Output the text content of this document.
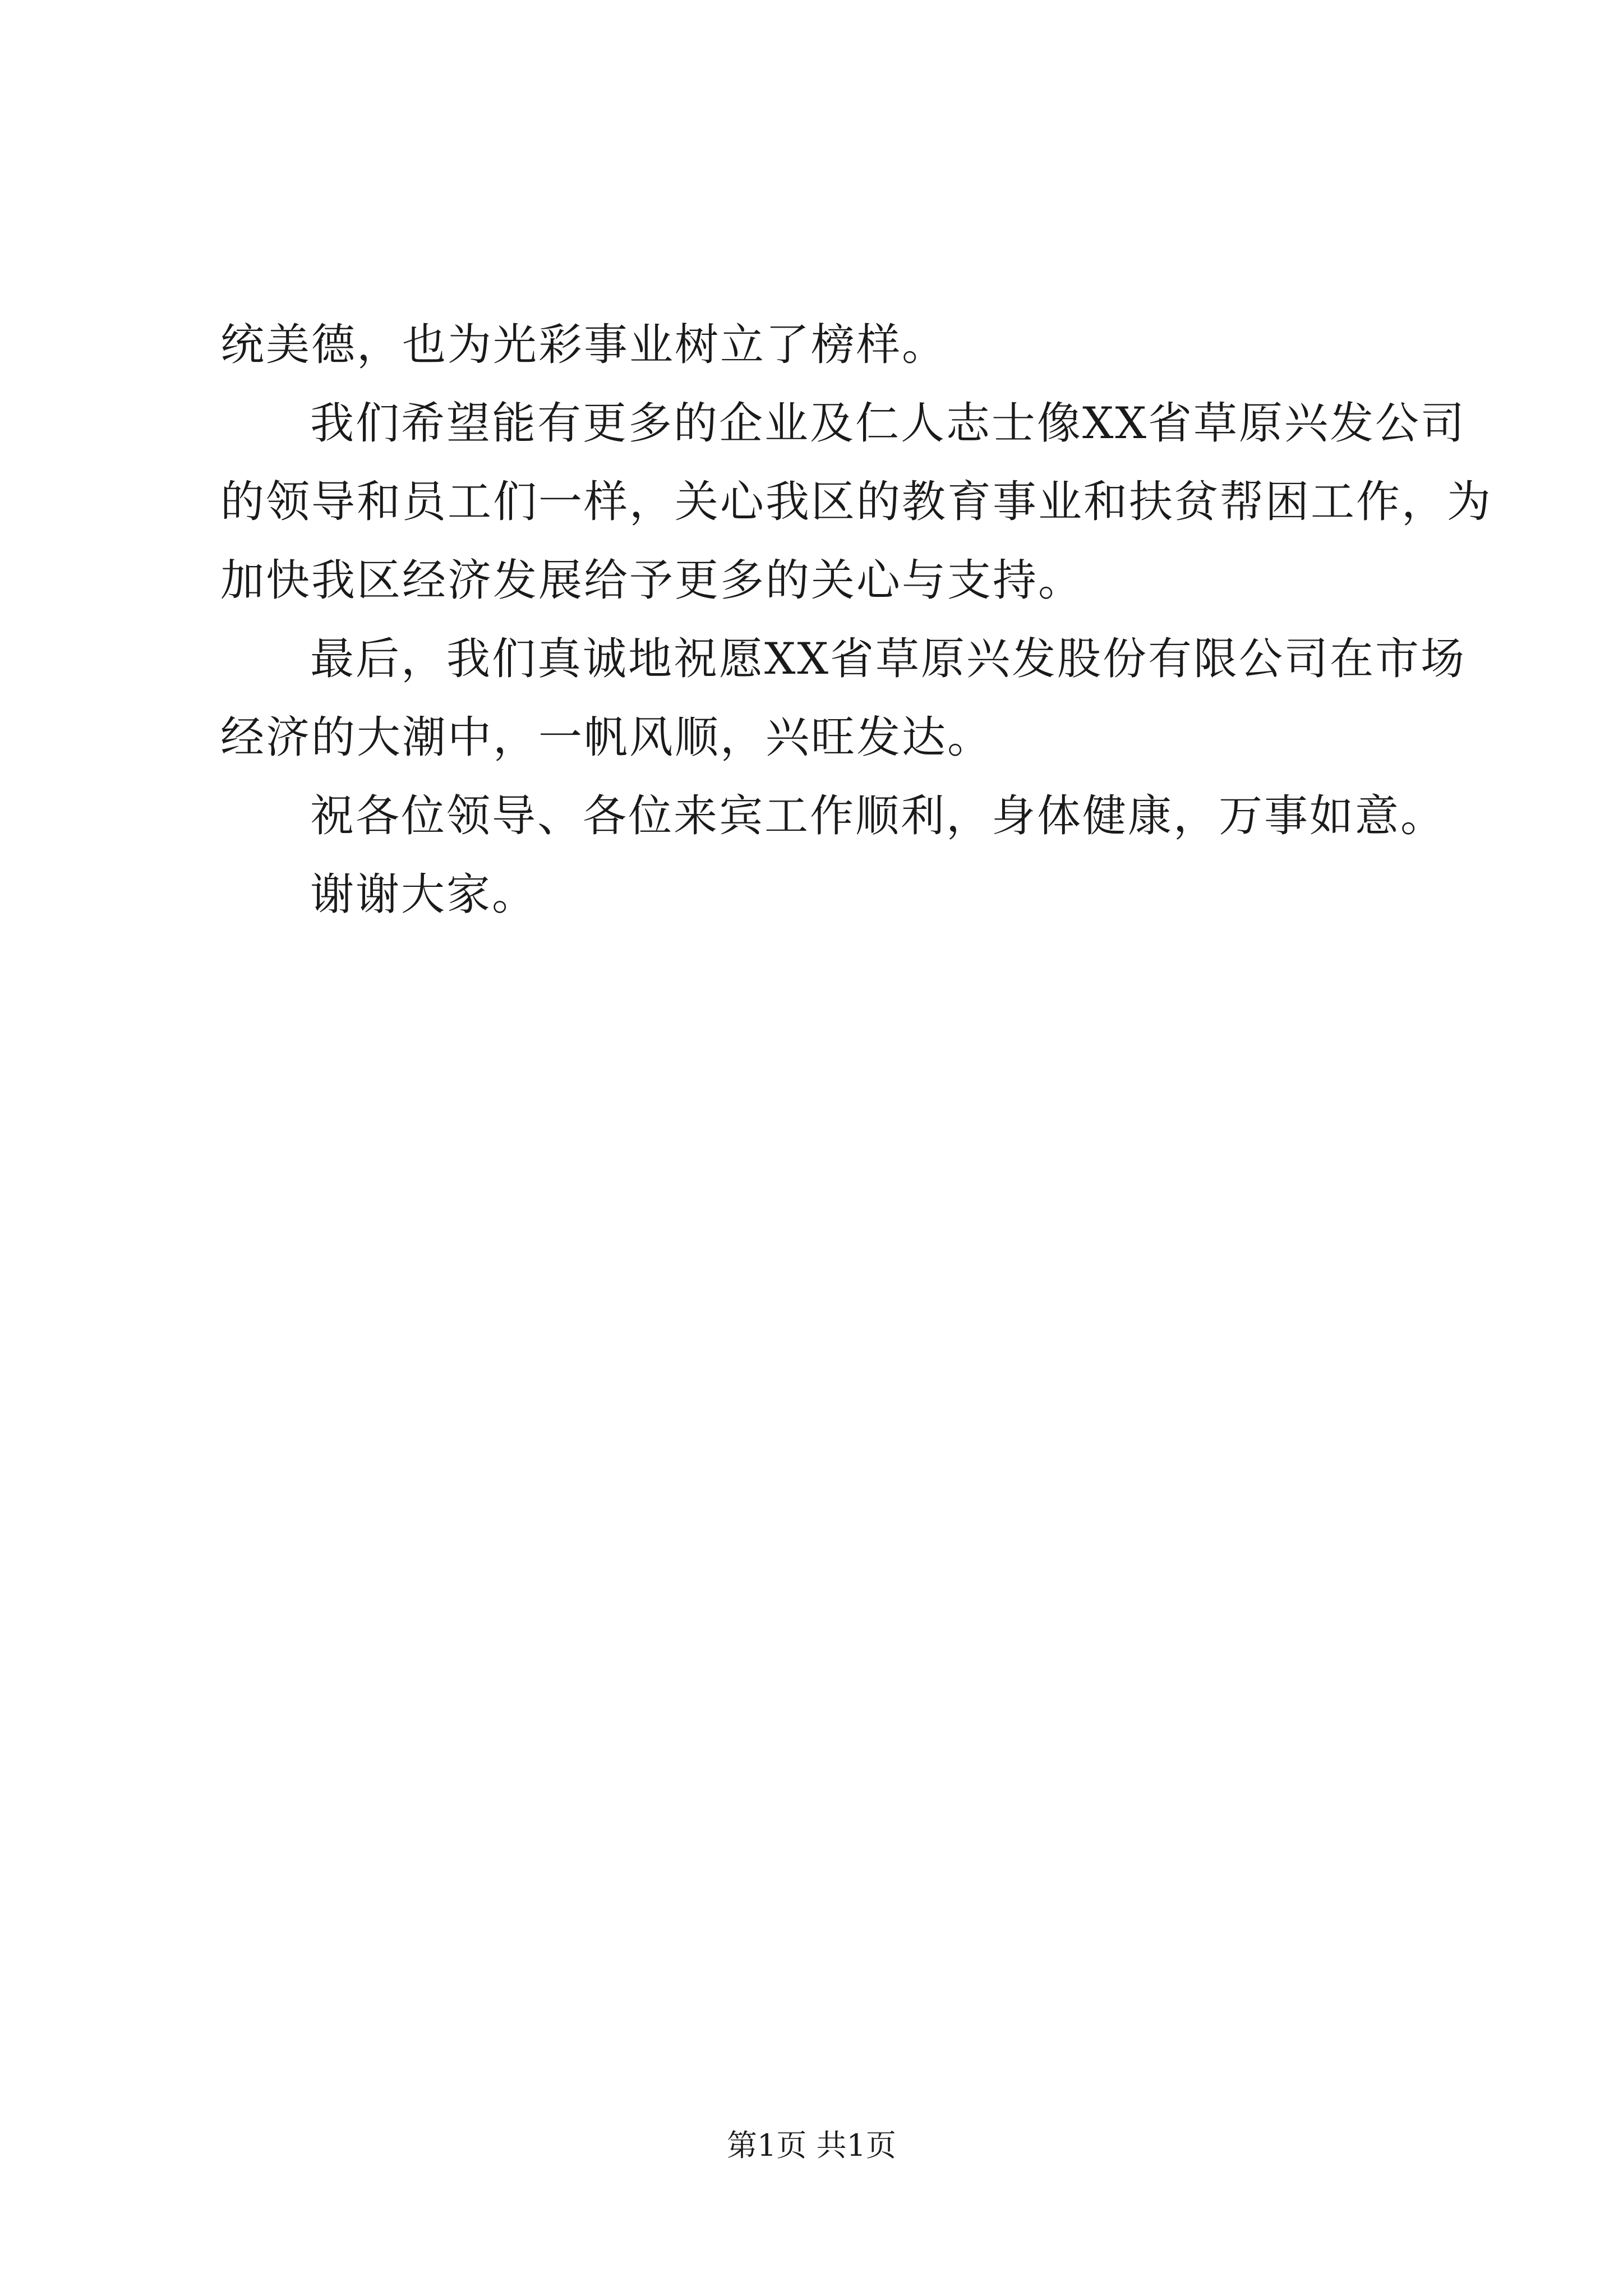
统美德，也为光彩事业树立了榜样。
我们希望能有更多的企业及仁人志士像XX省草原兴发公司
的领导和员工们一样，关心我区的教育事业和扶贫帮困工作，为
加快我区经济发展给予更多的关心与支持。
最后，我们真诚地祝愿XX省草原兴发股份有限公司在市场
经济的大潮中，一帆风顺，兴旺发达。
祝各位领导、各位来宾工作顺利，身体健康，万事如意。
谢谢大家。
第1页 共1页
